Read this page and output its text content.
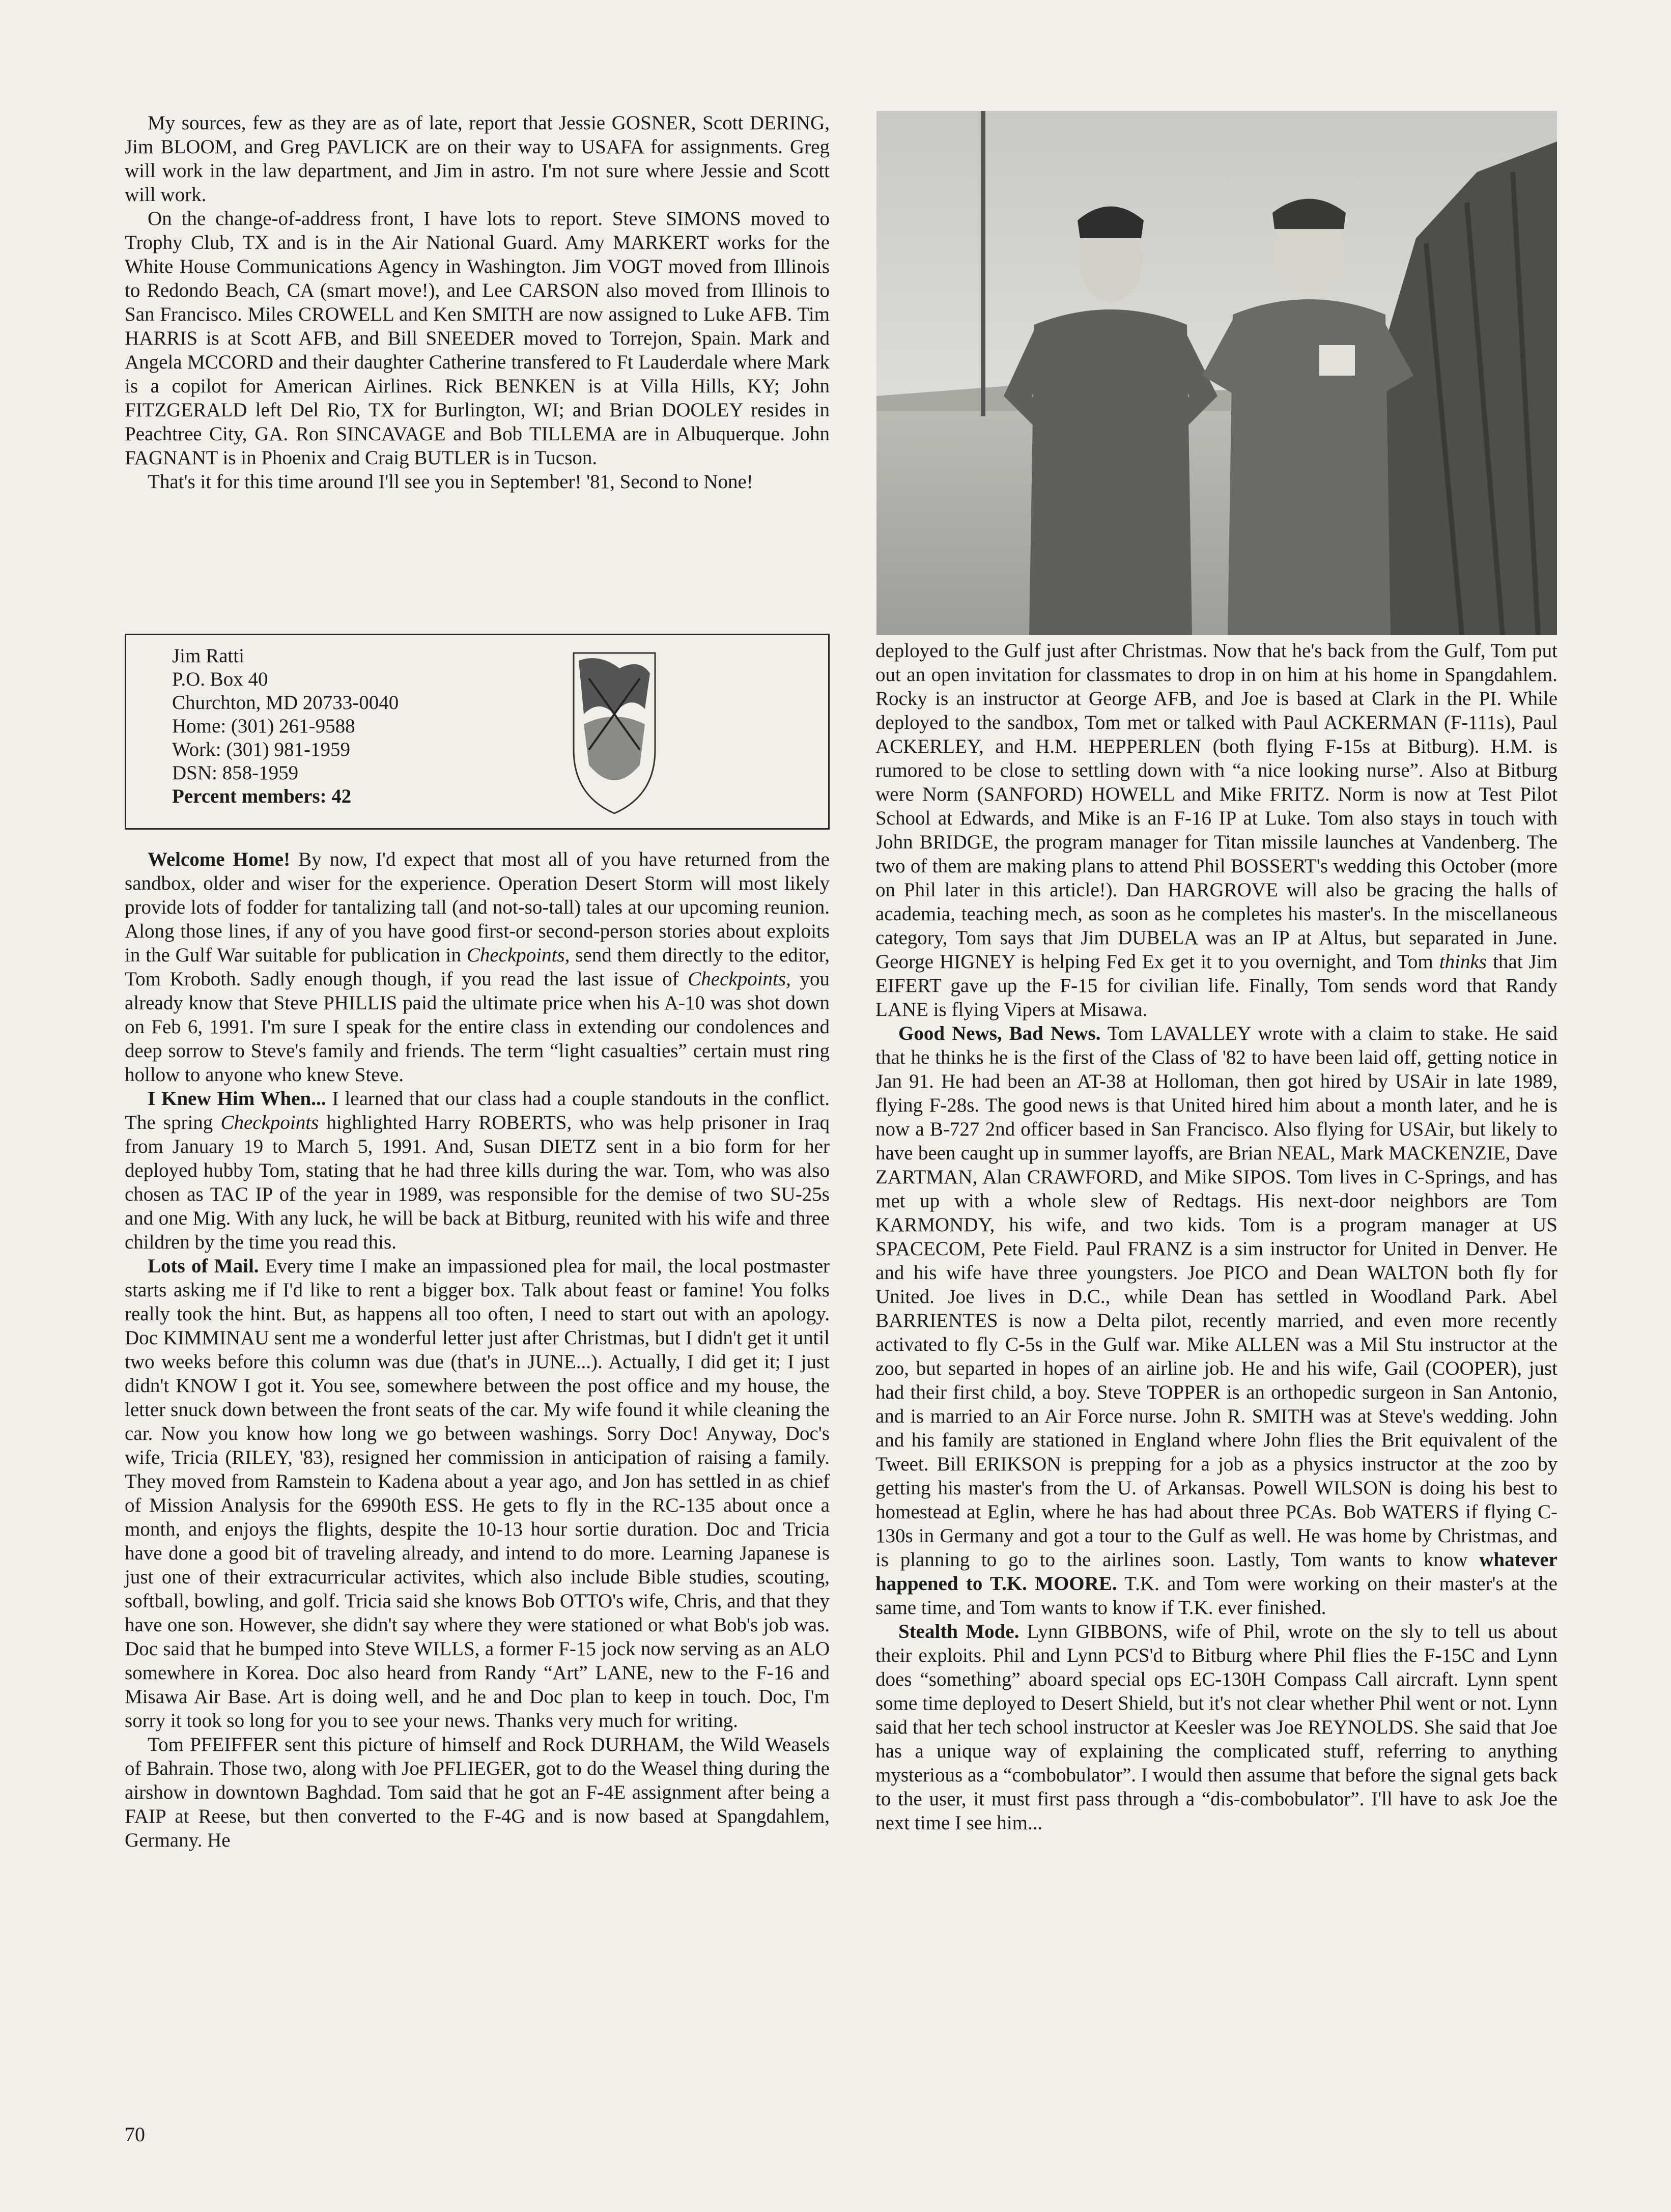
My sources, few as they are as of late, report that Jessie GOSNER, Scott DERING, Jim BLOOM, and Greg PAVLICK are on their way to USAFA for assignments. Greg will work in the law department, and Jim in astro. I'm not sure where Jessie and Scott will work.

On the change-of-address front, I have lots to report. Steve SIMONS moved to Trophy Club, TX and is in the Air National Guard. Amy MARKERT works for the White House Communications Agency in Washington. Jim VOGT moved from Illinois to Redondo Beach, CA (smart move!), and Lee CARSON also moved from Illinois to San Francisco. Miles CROWELL and Ken SMITH are now assigned to Luke AFB. Tim HARRIS is at Scott AFB, and Bill SNEEDER moved to Torrejon, Spain. Mark and Angela MCCORD and their daughter Catherine transfered to Ft Lauderdale where Mark is a copilot for American Airlines. Rick BENKEN is at Villa Hills, KY; John FITZGERALD left Del Rio, TX for Burlington, WI; and Brian DOOLEY resides in Peachtree City, GA. Ron SINCAVAGE and Bob TILLEMA are in Albuquerque. John FAGNANT is in Phoenix and Craig BUTLER is in Tucson.

That's it for this time around I'll see you in September! '81, Second to None!

Jim Ratti
P.O. Box 40
Churchton, MD 20733-0040
Home: (301) 261-9588
Work: (301) 981-1959
DSN: 858-1959
Percent members: 42

Welcome Home! By now, I'd expect that most all of you have returned from the sandbox, older and wiser for the experience. Operation Desert Storm will most likely provide lots of fodder for tantalizing tall (and not-so-tall) tales at our upcoming reunion. Along those lines, if any of you have good first-or second-person stories about exploits in the Gulf War suitable for publication in Checkpoints, send them directly to the editor, Tom Kroboth. Sadly enough though, if you read the last issue of Checkpoints, you already know that Steve PHILLIS paid the ultimate price when his A-10 was shot down on Feb 6, 1991. I'm sure I speak for the entire class in extending our condolences and deep sorrow to Steve's family and friends. The term “light casualties” certain must ring hollow to anyone who knew Steve.

I Knew Him When... I learned that our class had a couple standouts in the conflict. The spring Checkpoints highlighted Harry ROBERTS, who was help prisoner in Iraq from January 19 to March 5, 1991. And, Susan DIETZ sent in a bio form for her deployed hubby Tom, stating that he had three kills during the war. Tom, who was also chosen as TAC IP of the year in 1989, was responsible for the demise of two SU-25s and one Mig. With any luck, he will be back at Bitburg, reunited with his wife and three children by the time you read this.

Lots of Mail. Every time I make an impassioned plea for mail, the local postmaster starts asking me if I'd like to rent a bigger box. Talk about feast or famine! You folks really took the hint. But, as happens all too often, I need to start out with an apology. Doc KIMMINAU sent me a wonderful letter just after Christmas, but I didn't get it until two weeks before this column was due (that's in JUNE...). Actually, I did get it; I just didn't KNOW I got it. You see, somewhere between the post office and my house, the letter snuck down between the front seats of the car. My wife found it while cleaning the car. Now you know how long we go between washings. Sorry Doc! Anyway, Doc's wife, Tricia (RILEY, '83), resigned her commission in anticipation of raising a family. They moved from Ramstein to Kadena about a year ago, and Jon has settled in as chief of Mission Analysis for the 6990th ESS. He gets to fly in the RC-135 about once a month, and enjoys the flights, despite the 10-13 hour sortie duration. Doc and Tricia have done a good bit of traveling already, and intend to do more. Learning Japanese is just one of their extracurricular activites, which also include Bible studies, scouting, softball, bowling, and golf. Tricia said she knows Bob OTTO's wife, Chris, and that they have one son. However, she didn't say where they were stationed or what Bob's job was. Doc said that he bumped into Steve WILLS, a former F-15 jock now serving as an ALO somewhere in Korea. Doc also heard from Randy “Art” LANE, new to the F-16 and Misawa Air Base. Art is doing well, and he and Doc plan to keep in touch. Doc, I'm sorry it took so long for you to see your news. Thanks very much for writing.

Tom PFEIFFER sent this picture of himself and Rock DURHAM, the Wild Weasels of Bahrain. Those two, along with Joe PFLIEGER, got to do the Weasel thing during the airshow in downtown Baghdad. Tom said that he got an F-4E assignment after being a FAIP at Reese, but then converted to the F-4G and is now based at Spangdahlem, Germany. He

deployed to the Gulf just after Christmas. Now that he's back from the Gulf, Tom put out an open invitation for classmates to drop in on him at his home in Spangdahlem. Rocky is an instructor at George AFB, and Joe is based at Clark in the PI. While deployed to the sandbox, Tom met or talked with Paul ACKERMAN (F-111s), Paul ACKERLEY, and H.M. HEPPERLEN (both flying F-15s at Bitburg). H.M. is rumored to be close to settling down with “a nice looking nurse”. Also at Bitburg were Norm (SANFORD) HOWELL and Mike FRITZ. Norm is now at Test Pilot School at Edwards, and Mike is an F-16 IP at Luke. Tom also stays in touch with John BRIDGE, the program manager for Titan missile launches at Vandenberg. The two of them are making plans to attend Phil BOSSERT's wedding this October (more on Phil later in this article!). Dan HARGROVE will also be gracing the halls of academia, teaching mech, as soon as he completes his master's. In the miscellaneous category, Tom says that Jim DUBELA was an IP at Altus, but separated in June. George HIGNEY is helping Fed Ex get it to you overnight, and Tom thinks that Jim EIFERT gave up the F-15 for civilian life. Finally, Tom sends word that Randy LANE is flying Vipers at Misawa.

Good News, Bad News. Tom LAVALLEY wrote with a claim to stake. He said that he thinks he is the first of the Class of '82 to have been laid off, getting notice in Jan 91. He had been an AT-38 at Holloman, then got hired by USAir in late 1989, flying F-28s. The good news is that United hired him about a month later, and he is now a B-727 2nd officer based in San Francisco. Also flying for USAir, but likely to have been caught up in summer layoffs, are Brian NEAL, Mark MACKENZIE, Dave ZARTMAN, Alan CRAWFORD, and Mike SIPOS. Tom lives in C-Springs, and has met up with a whole slew of Redtags. His next-door neighbors are Tom KARMONDY, his wife, and two kids. Tom is a program manager at US SPACECOM, Pete Field. Paul FRANZ is a sim instructor for United in Denver. He and his wife have three youngsters. Joe PICO and Dean WALTON both fly for United. Joe lives in D.C., while Dean has settled in Woodland Park. Abel BARRIENTES is now a Delta pilot, recently married, and even more recently activated to fly C-5s in the Gulf war. Mike ALLEN was a Mil Stu instructor at the zoo, but separted in hopes of an airline job. He and his wife, Gail (COOPER), just had their first child, a boy. Steve TOPPER is an orthopedic surgeon in San Antonio, and is married to an Air Force nurse. John R. SMITH was at Steve's wedding. John and his family are stationed in England where John flies the Brit equivalent of the Tweet. Bill ERIKSON is prepping for a job as a physics instructor at the zoo by getting his master's from the U. of Arkansas. Powell WILSON is doing his best to homestead at Eglin, where he has had about three PCAs. Bob WATERS if flying C-130s in Germany and got a tour to the Gulf as well. He was home by Christmas, and is planning to go to the airlines soon. Lastly, Tom wants to know whatever happened to T.K. MOORE. T.K. and Tom were working on their master's at the same time, and Tom wants to know if T.K. ever finished.

Stealth Mode. Lynn GIBBONS, wife of Phil, wrote on the sly to tell us about their exploits. Phil and Lynn PCS'd to Bitburg where Phil flies the F-15C and Lynn does “something” aboard special ops EC-130H Compass Call aircraft. Lynn spent some time deployed to Desert Shield, but it's not clear whether Phil went or not. Lynn said that her tech school instructor at Keesler was Joe REYNOLDS. She said that Joe has a unique way of explaining the complicated stuff, referring to anything mysterious as a “combobulator”. I would then assume that before the signal gets back to the user, it must first pass through a “dis-combobulator”. I'll have to ask Joe the next time I see him...

70
